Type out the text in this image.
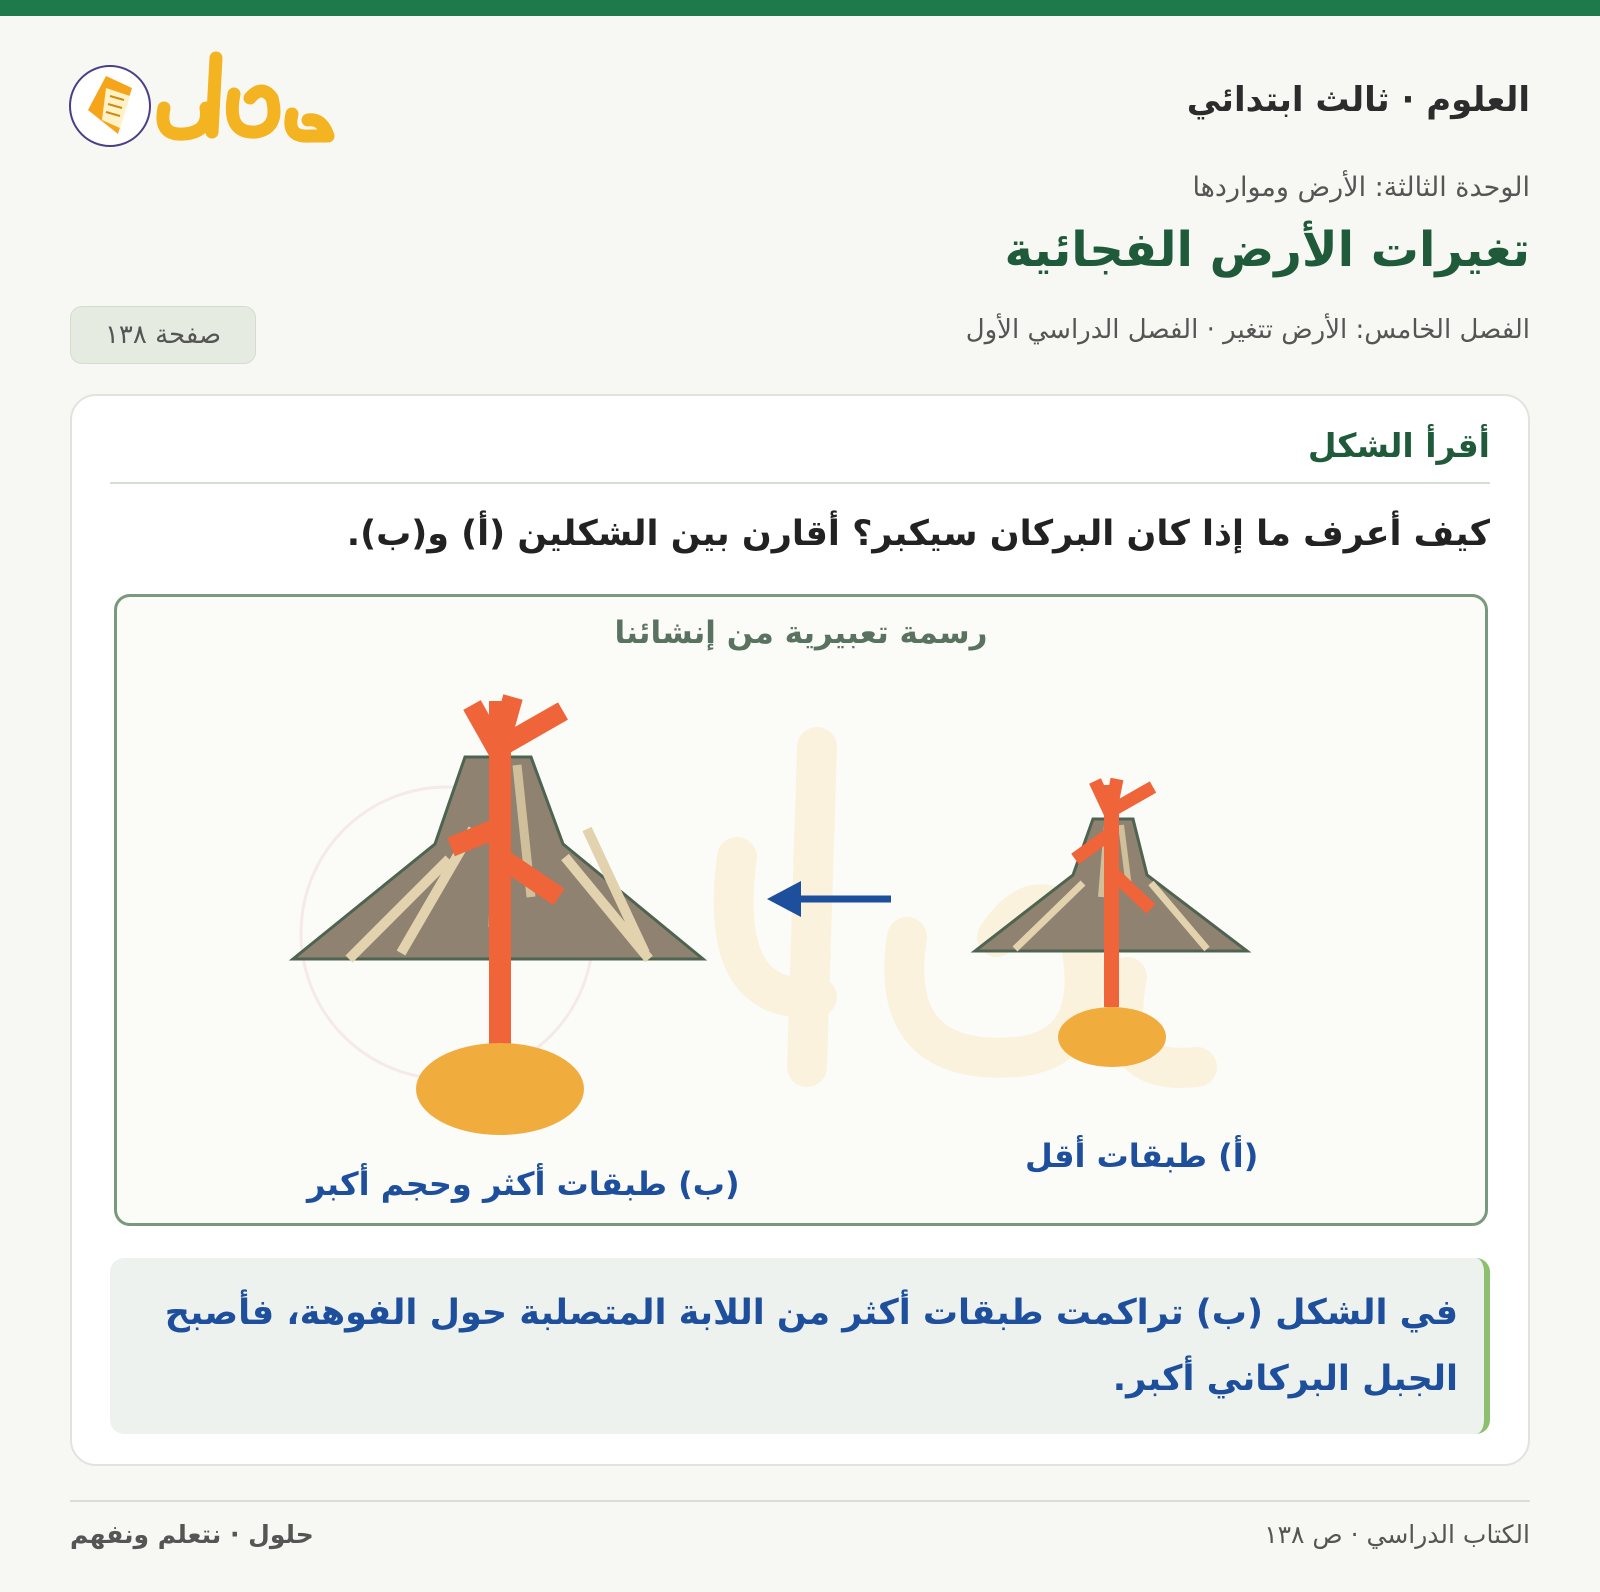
العلوم · ثالث ابتدائي
الوحدة الثالثة: الأرض ومواردها
تغيرات الأرض الفجائية
الفصل الخامس: الأرض تتغير · الفصل الدراسي الأول
صفحة ١٣٨
أقرأ الشكل
كيف أعرف ما إذا كان البركان سيكبر؟ أقارن بين الشكلين (أ) و(ب).
رسمة تعبيرية من إنشائنا
(أ) طبقات أقل
(ب) طبقات أكثر وحجم أكبر
في الشكل (ب) تراكمت طبقات أكثر من اللابة المتصلبة حول الفوهة، فأصبح الجبل البركاني أكبر.
الكتاب الدراسي · ص ١٣٨
حلول · نتعلم ونفهم
